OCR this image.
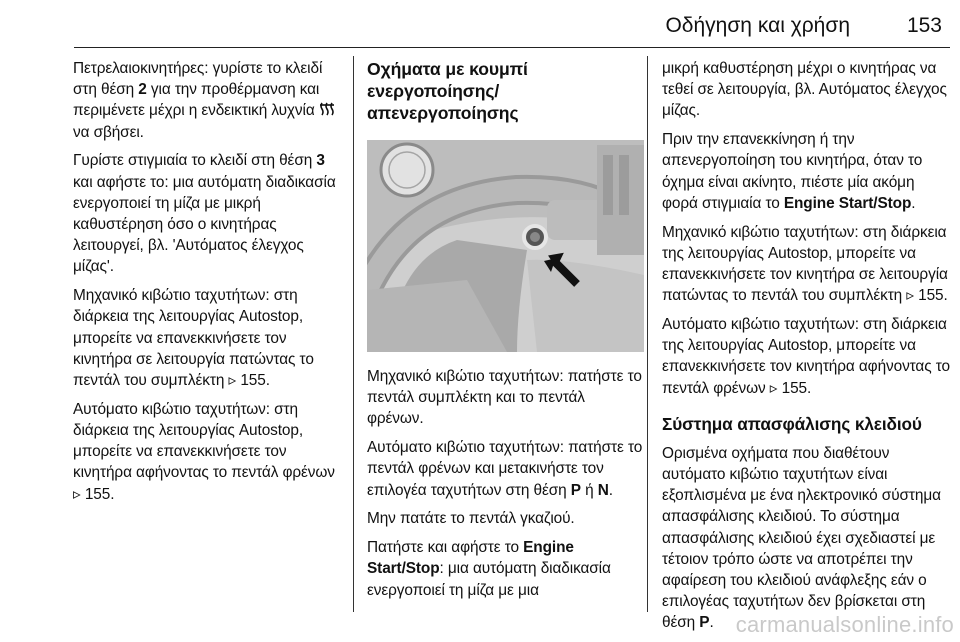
Οδήγηση και χρήση	153

Πετρελαιοκινητήρες: γυρίστε το κλειδί στη θέση 2 για την προθέρμανση και περιμένετε μέχρι η ενδεικτική λυχνία  να σβήσει.

Γυρίστε στιγμιαία το κλειδί στη θέση 3 και αφήστε το: μια αυτόματη διαδικασία ενεργοποιεί τη μίζα με μικρή καθυστέρηση όσο ο κινητήρας λειτουργεί, βλ. 'Αυτόματος έλεγχος μίζας'.

Μηχανικό κιβώτιο ταχυτήτων: στη διάρκεια της λειτουργίας Autostop, μπορείτε να επανεκκινήσετε τον κινητήρα σε λειτουργία πατώντας το πεντάλ του συμπλέκτη ▹ 155.

Αυτόματο κιβώτιο ταχυτήτων: στη διάρκεια της λειτουργίας Autostop, μπορείτε να επανεκκινήσετε τον κινητήρα αφήνοντας το πεντάλ φρένων ▹ 155.

Οχήματα με κουμπί ενεργοποίησης/ απενεργοποίησης

Μηχανικό κιβώτιο ταχυτήτων: πατήστε το πεντάλ συμπλέκτη και το πεντάλ φρένων.

Αυτόματο κιβώτιο ταχυτήτων: πατήστε το πεντάλ φρένων και μετακινήστε τον επιλογέα ταχυτήτων στη θέση P ή N.

Μην πατάτε το πεντάλ γκαζιού.

Πατήστε και αφήστε το Engine Start/Stop: μια αυτόματη διαδικασία ενεργοποιεί τη μίζα με μια

μικρή καθυστέρηση μέχρι ο κινητήρας να τεθεί σε λειτουργία, βλ. Αυτόματος έλεγχος μίζας.

Πριν την επανεκκίνηση ή την απενεργοποίηση του κινητήρα, όταν το όχημα είναι ακίνητο, πιέστε μία ακόμη φορά στιγμιαία το Engine Start/Stop.

Μηχανικό κιβώτιο ταχυτήτων: στη διάρκεια της λειτουργίας Autostop, μπορείτε να επανεκκινήσετε τον κινητήρα σε λειτουργία πατώντας το πεντάλ του συμπλέκτη ▹ 155.

Αυτόματο κιβώτιο ταχυτήτων: στη διάρκεια της λειτουργίας Autostop, μπορείτε να επανεκκινήσετε τον κινητήρα αφήνοντας το πεντάλ φρένων ▹ 155.

Σύστημα απασφάλισης κλειδιού

Ορισμένα οχήματα που διαθέτουν αυτόματο κιβώτιο ταχυτήτων είναι εξοπλισμένα με ένα ηλεκτρονικό σύστημα απασφάλισης κλειδιού. Το σύστημα απασφάλισης κλειδιού έχει σχεδιαστεί με τέτοιον τρόπο ώστε να αποτρέπει την αφαίρεση του κλειδιού ανάφλεξης εάν ο επιλογέας ταχυτήτων δεν βρίσκεται στη θέση P.	carmanualsonline.info
